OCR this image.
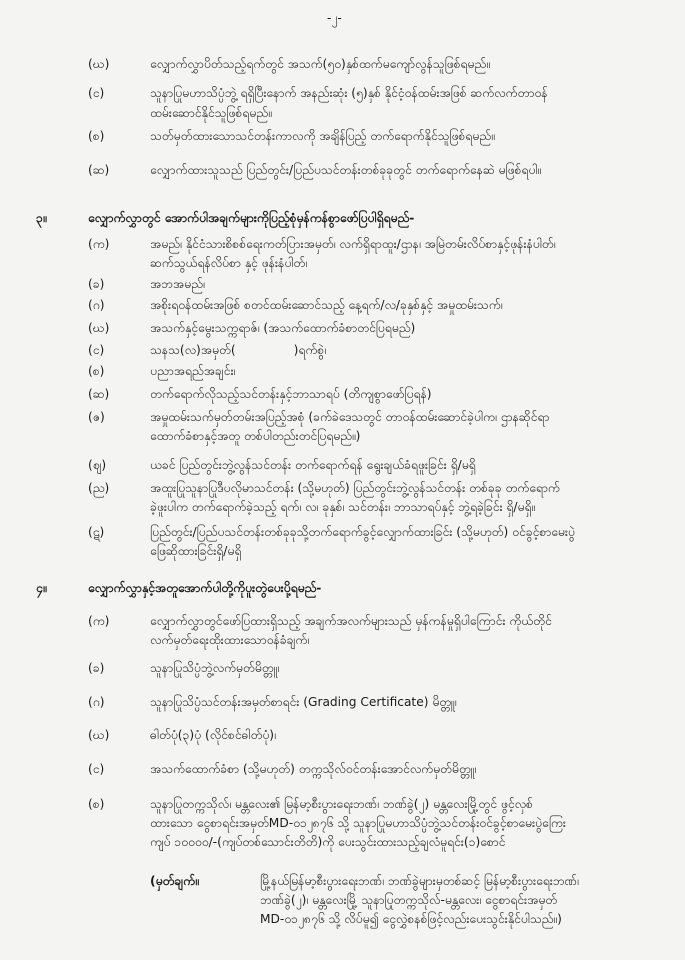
-၂-
(ဃ)	လျှောက်လွှာပိတ်သည့်ရက်တွင် အသက်(၅၀)နှစ်ထက်မကျော်လွန်သူဖြစ်ရမည်။
(င)	သူနာပြုမဟာသိပ္ပံဘွဲ့ ရရှိပြီးနောက် အနည်းဆုံး (၅)နှစ် နိုင်ငံ့ဝန်ထမ်းအဖြစ် ဆက်လက်တာဝန်
ထမ်းဆောင်နိုင်သူဖြစ်ရမည်။
(စ)	သတ်မှတ်ထားသောသင်တန်းကာလကို အချိန်ပြည့် တက်ရောက်နိုင်သူဖြစ်ရမည်။
(ဆ)	လျှောက်ထားသူသည် ပြည်တွင်း/ပြည်ပသင်တန်းတစ်ခုခုတွင် တက်ရောက်နေဆဲ မဖြစ်ရပါ။
၃။	လျှောက်လွှာတွင် အောက်ပါအချက်များကိုပြည့်စုံမှန်ကန်စွာဖော်ပြပါရှိရမည်-
(က)	အမည်၊ နိုင်ငံသားစိစစ်ရေးကတ်ပြားအမှတ်၊ လက်ရှိရာထူး/ဌာန၊ အမြဲတမ်းလိပ်စာနှင့်ဖုန်းနံပါတ်၊
ဆက်သွယ်ရန်လိပ်စာ နှင့် ဖုန်းနံပါတ်၊
(ခ)	အဘအမည်၊
(ဂ)	အစိုးရဝန်ထမ်းအဖြစ် စတင်ထမ်းဆောင်သည့် နေ့ရက်/လ/ခုနှစ်နှင့် အမှုထမ်းသက်၊
(ဃ)	အသက်နှင့်မွေးသက္ကရာဇ်၊ (အသက်ထောက်ခံစာတင်ပြရမည်)
(င)	သနသ(လ)အမှတ်(	)ရက်စွဲ၊
(စ)	ပညာအရည်အချင်း၊
(ဆ)	တက်ရောက်လိုသည့်သင်တန်းနှင့်ဘာသာရပ် (တိကျစွာဖော်ပြရန်)
(ဇ)	အမှုထမ်းသက်မှတ်တမ်းအပြည့်အစုံ (ခက်ခဲဒေသတွင် တာဝန်ထမ်းဆောင်ခဲ့ပါက၊ ဌာနဆိုင်ရာ
ထောက်ခံစာနှင့်အတူ တစ်ပါတည်းတင်ပြရမည်။)
(ဈ)	ယခင် ပြည်တွင်းဘွဲ့လွန်သင်တန်း တက်ရောက်ရန် ရွေးချယ်ခံရဖူးခြင်း ရှိ/မရှိ
(ည)	အထူးပြုသူနာပြုဒီပလိုမာသင်တန်း (သို့မဟုတ်) ပြည်တွင်းဘွဲ့လွန်သင်တန်း တစ်ခုခု တက်ရောက်
ခဲ့ဖူးပါက တက်ရောက်ခဲ့သည့် ရက်၊ လ၊ ခုနှစ်၊ သင်တန်း၊ ဘာသာရပ်နှင့် ဘွဲ့ရခဲ့ခြင်း ရှိ/မရှိ။
(ဋ)	ပြည်တွင်း/ပြည်ပသင်တန်းတစ်ခုခုသို့တက်ရောက်ခွင့်လျှောက်ထားခြင်း (သို့မဟုတ်) ဝင်ခွင့်စာမေးပွဲ
ဖြေဆိုထားခြင်းရှိ/မရှိ
၄။	လျှောက်လွှာနှင့်အတူအောက်ပါတို့ကိုပူးတွဲပေးပို့ရမည်-
(က)	လျှောက်လွှာတွင်ဖော်ပြထားရှိသည့် အချက်အလက်များသည် မှန်ကန်မှုရှိပါကြောင်း ကိုယ်တိုင်
လက်မှတ်ရေးထိုးထားသောဝန်ခံချက်၊
(ခ)	သူနာပြုသိပ္ပံဘွဲ့လက်မှတ်မိတ္တူ၊
(ဂ)	သူနာပြုသိပ္ပံသင်တန်းအမှတ်စာရင်း (Grading Certificate) မိတ္တူ၊
(ဃ)	ဓါတ်ပုံ(၃)ပုံ (လိုင်စင်ဓါတ်ပုံ)၊
(င)	အသက်ထောက်ခံစာ (သို့မဟုတ်) တက္ကသိုလ်ဝင်တန်းအောင်လက်မှတ်မိတ္တူ၊
(စ)	သူနာပြုတက္ကသိုလ်၊ မန္တလေး၏ မြန်မာ့စီးပွားရေးဘဏ်၊ ဘဏ်ခွဲ(၂) မန္တလေးမြို့တွင် ဖွင့်လှစ်
ထားသော ငွေစာရင်းအမှတ်MD-၀၁၂၈၇၆ သို့ သူနာပြုမဟာသိပ္ပံဘွဲ့သင်တန်းဝင်ခွင့်စာမေးပွဲကြေး
ကျပ် ၁၀၀၀၀/-(ကျပ်တစ်သောင်းတိတိ)ကို ပေးသွင်းထားသည့်ချလံမူရင်း(၁)စောင်
(မှတ်ချက်။	မြို့နယ်မြန်မာ့စီးပွားရေးဘဏ်၊ ဘဏ်ခွဲများမှတစ်ဆင့် မြန်မာ့စီးပွားရေးဘဏ်၊
ဘဏ်ခွဲ(၂)၊ မန္တလေးမြို့ သူနာပြုတက္ကသိုလ်-မန္တလေး၊ ငွေစာရင်းအမှတ်
MD-၀၁၂၈၇၆ သို့ လိပ်မူ၍ ငွေလွှဲစနစ်ဖြင့်လည်းပေးသွင်းနိုင်ပါသည်။)
